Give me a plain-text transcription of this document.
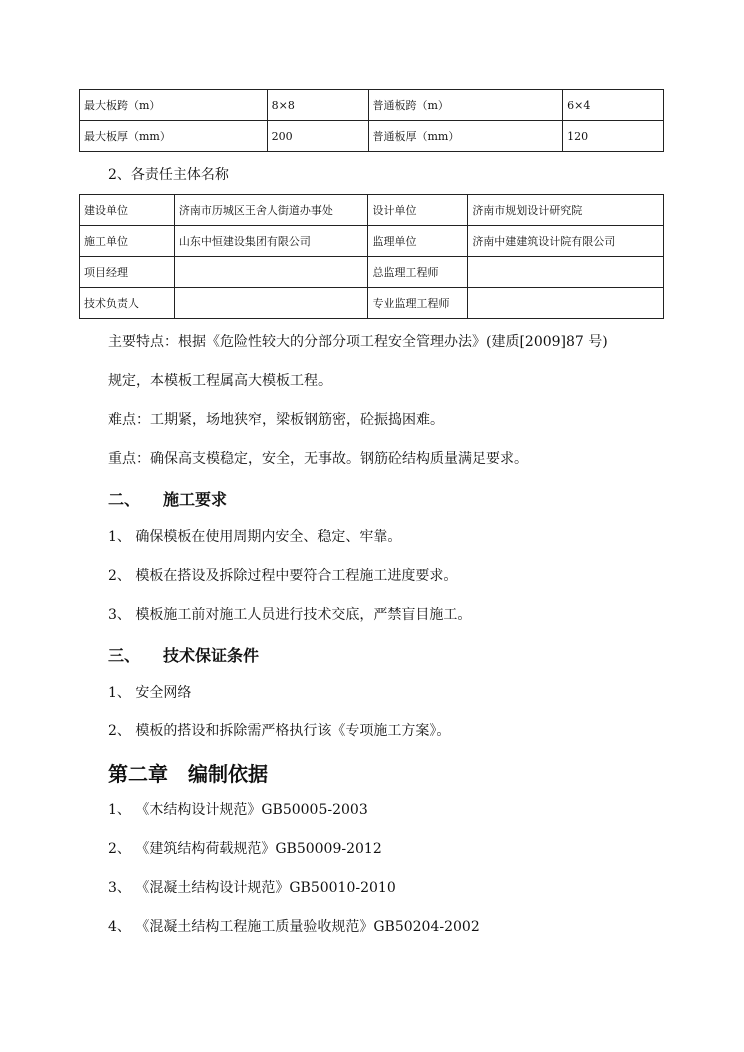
最大板跨（m）	8×8	普通板跨（m）	6×4
最大板厚（mm）	200	普通板厚（mm）	120
2、各责任主体名称
建设单位	济南市历城区王舍人街道办事处	设计单位	济南市规划设计研究院
施工单位	山东中恒建设集团有限公司	监理单位	济南中建建筑设计院有限公司
项目经理		总监理工程师	
技术负责人		专业监理工程师	
主要特点：根据《危险性较大的分部分项工程安全管理办法》(建质[2009]87 号)
规定，本模板工程属高大模板工程。
难点：工期紧，场地狭窄，梁板钢筋密，砼振捣困难。
重点：确保高支模稳定，安全，无事故。钢筋砼结构质量满足要求。
二、 施工要求
1、 确保模板在使用周期内安全、稳定、牢靠。
2、 模板在搭设及拆除过程中要符合工程施工进度要求。
3、 模板施工前对施工人员进行技术交底，严禁盲目施工。
三、 技术保证条件
1、 安全网络
2、 模板的搭设和拆除需严格执行该《专项施工方案》。
第二章　编制依据
1、 《木结构设计规范》GB50005-2003
2、 《建筑结构荷载规范》GB50009-2012
3、 《混凝土结构设计规范》GB50010-2010
4、 《混凝土结构工程施工质量验收规范》GB50204-2002
